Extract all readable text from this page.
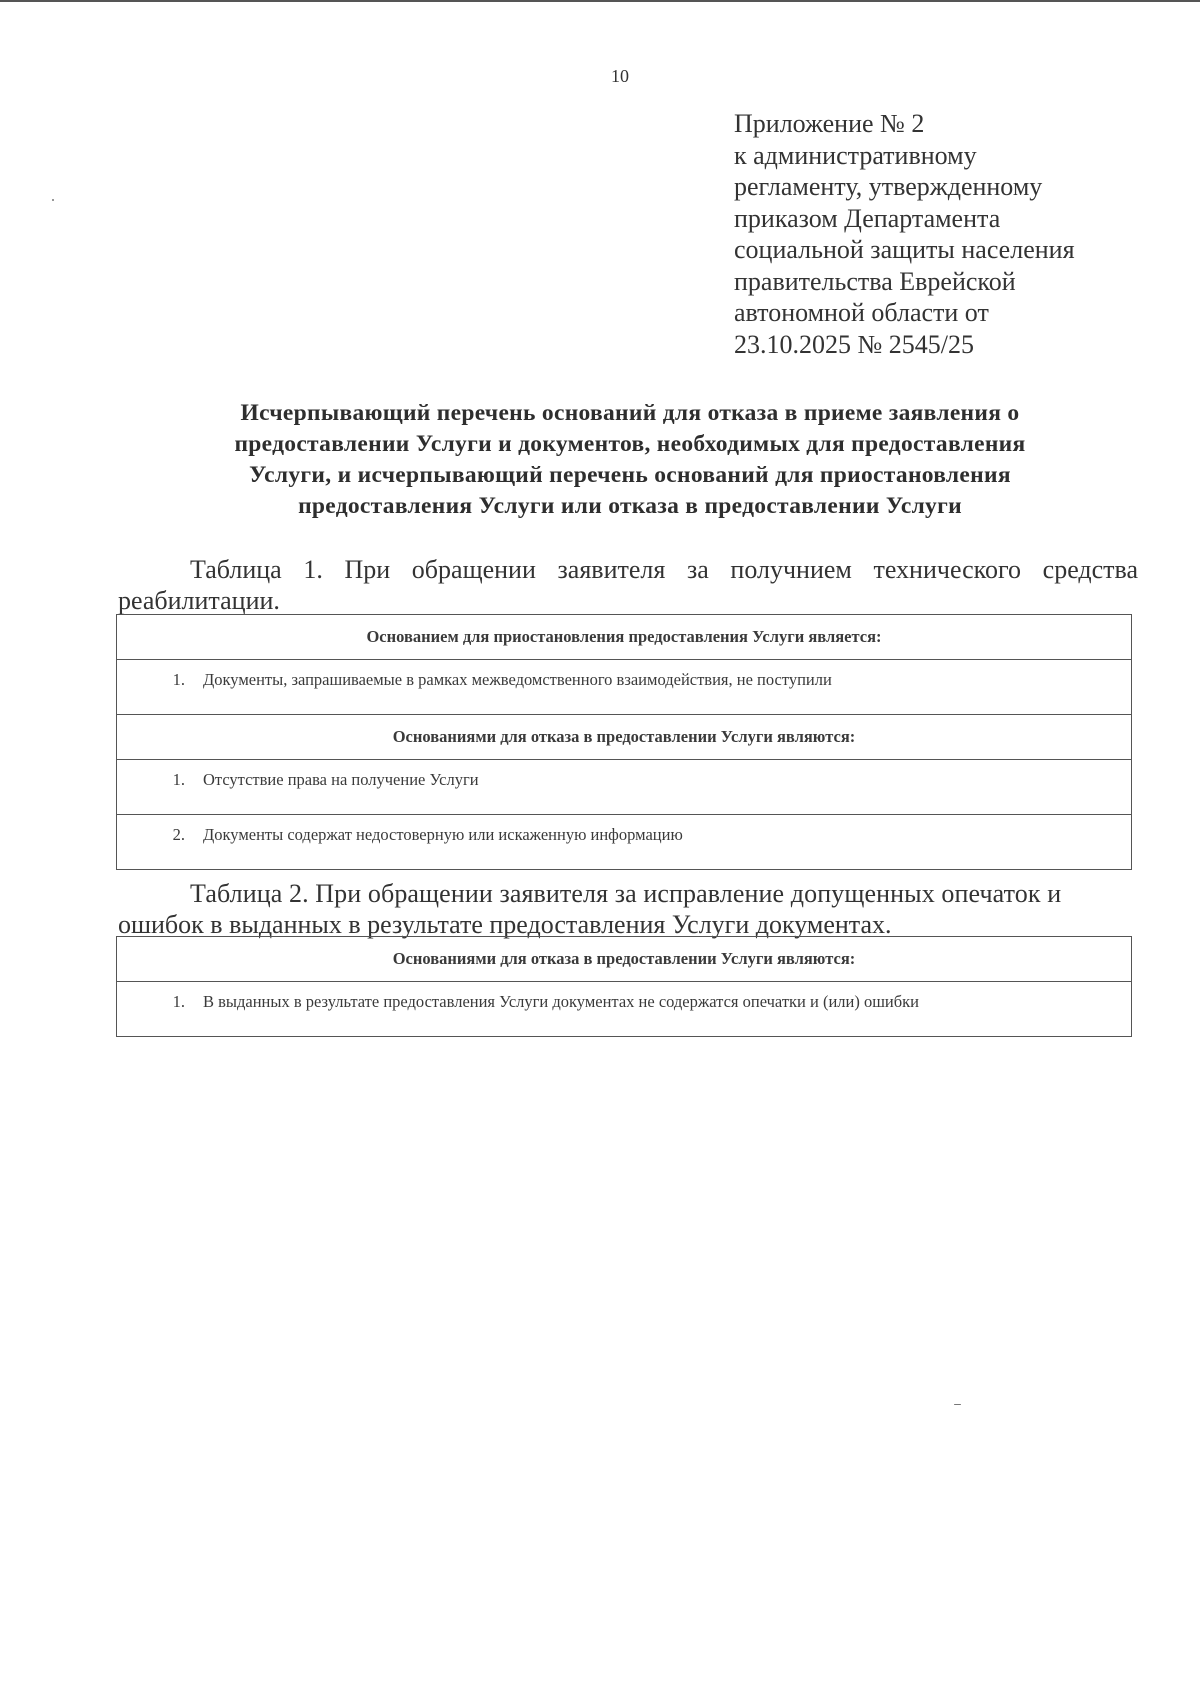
10
Приложение № 2
к административному
регламенту, утвержденному
приказом Департамента
социальной защиты населения
правительства Еврейской
автономной области от
23.10.2025 № 2545/25
Исчерпывающий перечень оснований для отказа в приеме заявления о
предоставлении Услуги и документов, необходимых для предоставления
Услуги, и исчерпывающий перечень оснований для приостановления
предоставления Услуги или отказа в предоставлении Услуги
Таблица 1. При обращении заявителя за получнием технического средства
реабилитации.
Основанием для приостановления предоставления Услуги является:
1. Документы, запрашиваемые в рамках межведомственного взаимодействия, не поступили
Основаниями для отказа в предоставлении Услуги являются:
1. Отсутствие права на получение Услуги
2. Документы содержат недостоверную или искаженную информацию
Таблица 2. При обращении заявителя за исправление допущенных опечаток и
ошибок в выданных в результате предоставления Услуги документах.
Основаниями для отказа в предоставлении Услуги являются:
1. В выданных в результате предоставления Услуги документах не содержатся опечатки и (или) ошибки
